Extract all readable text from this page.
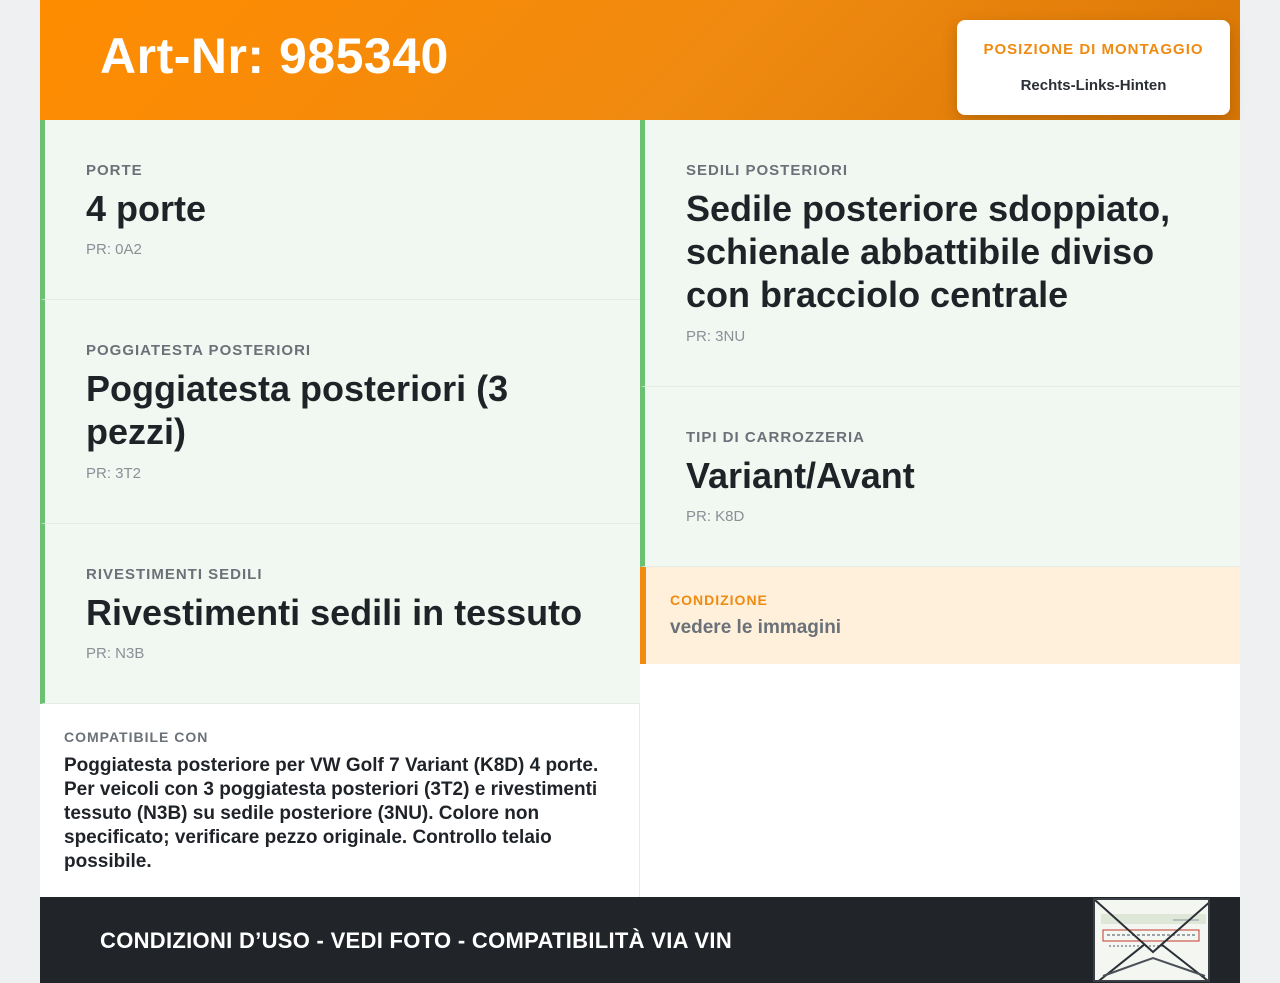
Art-Nr: 985340	POSIZIONE DI MONTAGGIO
Rechts-Links-Hinten
PORTE
4 porte
PR: 0A2
POGGIATESTA POSTERIORI
Poggiatesta posteriori (3 pezzi)
PR: 3T2
RIVESTIMENTI SEDILI
Rivestimenti sedili in tessuto
PR: N3B
SEDILI POSTERIORI
Sedile posteriore sdoppiato, schienale abbattibile diviso con bracciolo centrale
PR: 3NU
TIPI DI CARROZZERIA
Variant/Avant
PR: K8D
CONDIZIONE
vedere le immagini
COMPATIBILE CON
Poggiatesta posteriore per VW Golf 7 Variant (K8D) 4 porte. Per veicoli con 3 poggiatesta posteriori (3T2) e rivestimenti tessuto (N3B) su sedile posteriore (3NU). Colore non specificato; verificare pezzo originale. Controllo telaio possibile.
CONDIZIONI D’USO - VEDI FOTO - COMPATIBILITÀ VIA VIN
